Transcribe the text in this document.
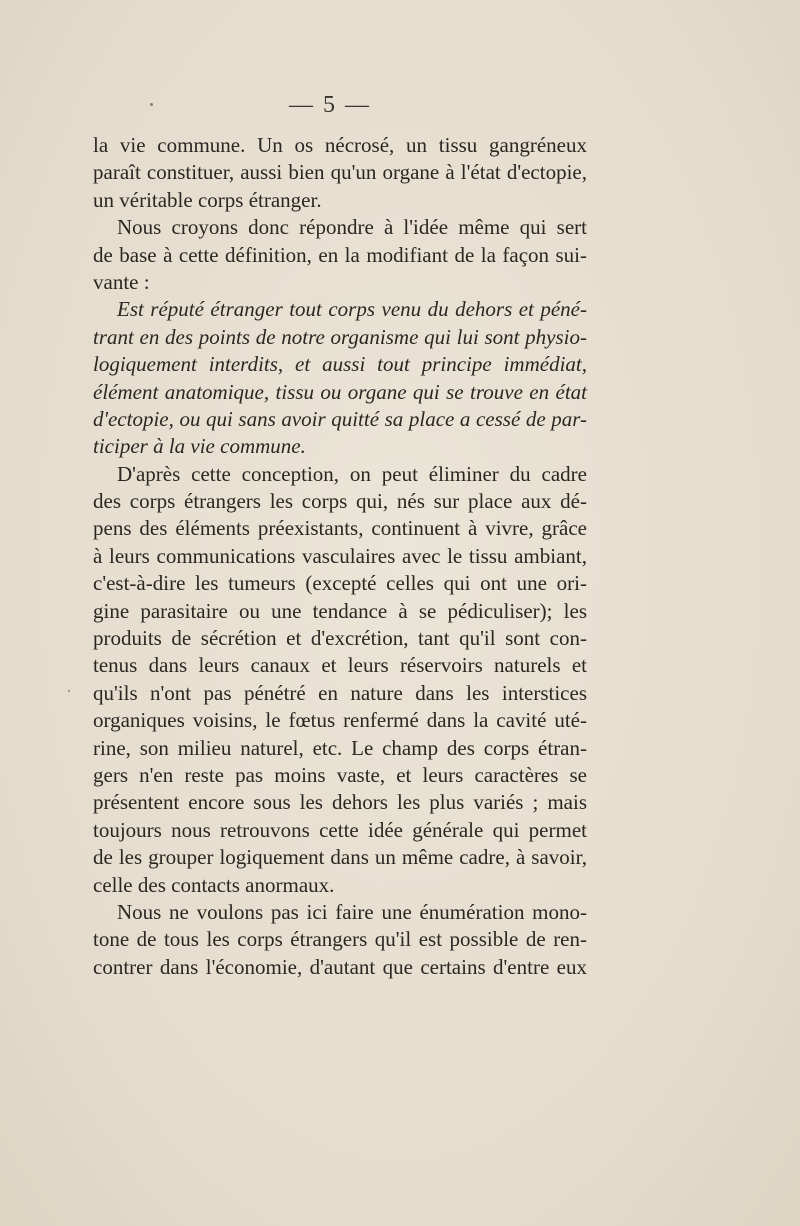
— 5 —
la vie commune. Un os nécrosé, un tissu gangréneux
paraît constituer, aussi bien qu'un organe à l'état d'ectopie,
un véritable corps étranger.
Nous croyons donc répondre à l'idée même qui sert
de base à cette définition, en la modifiant de la façon sui-
vante :
Est réputé étranger tout corps venu du dehors et péné-
trant en des points de notre organisme qui lui sont physio-
logiquement interdits, et aussi tout principe immédiat,
élément anatomique, tissu ou organe qui se trouve en état
d'ectopie, ou qui sans avoir quitté sa place a cessé de par-
ticiper à la vie commune.
D'après cette conception, on peut éliminer du cadre
des corps étrangers les corps qui, nés sur place aux dé-
pens des éléments préexistants, continuent à vivre, grâce
à leurs communications vasculaires avec le tissu ambiant,
c'est-à-dire les tumeurs (excepté celles qui ont une ori-
gine parasitaire ou une tendance à se pédiculiser); les
produits de sécrétion et d'excrétion, tant qu'il sont con-
tenus dans leurs canaux et leurs réservoirs naturels et
qu'ils n'ont pas pénétré en nature dans les interstices
organiques voisins, le fœtus renfermé dans la cavité uté-
rine, son milieu naturel, etc. Le champ des corps étran-
gers n'en reste pas moins vaste, et leurs caractères se
présentent encore sous les dehors les plus variés ; mais
toujours nous retrouvons cette idée générale qui permet
de les grouper logiquement dans un même cadre, à savoir,
celle des contacts anormaux.
Nous ne voulons pas ici faire une énumération mono-
tone de tous les corps étrangers qu'il est possible de ren-
contrer dans l'économie, d'autant que certains d'entre eux
